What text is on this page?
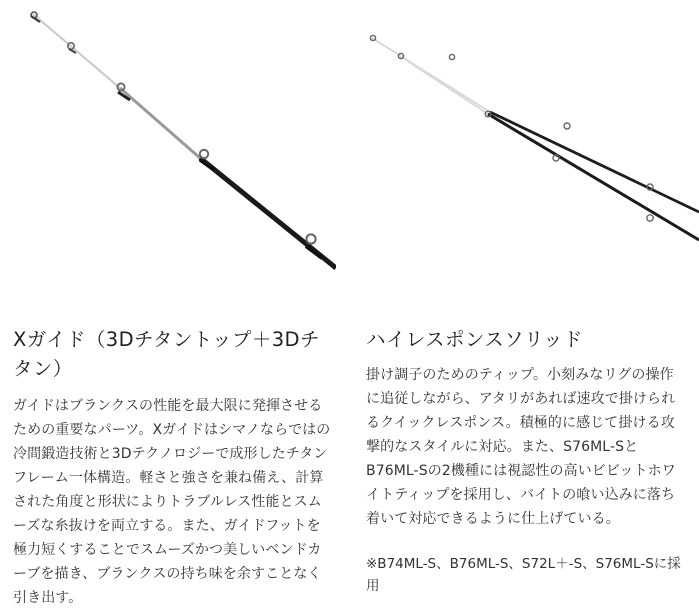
Xガイド（3Dチタントップ＋3Dチタン）

ガイドはブランクスの性能を最大限に発揮させるための重要なパーツ。Xガイドはシマノならではの冷間鍛造技術と3Dテクノロジーで成形したチタンフレーム一体構造。軽さと強さを兼ね備え、計算された角度と形状によりトラブルレス性能とスムーズな糸抜けを両立する。また、ガイドフットを極力短くすることでスムーズかつ美しいベンドカーブを描き、ブランクスの持ち味を余すことなく引き出す。

ハイレスポンスソリッド

掛け調子のためのティップ。小刻みなリグの操作に追従しながら、アタリがあれば速攻で掛けられるクイックレスポンス。積極的に感じて掛ける攻撃的なスタイルに対応。また、S76ML-SとB76ML-Sの2機種には視認性の高いビビットホワイトティップを採用し、バイトの喰い込みに落ち着いて対応できるように仕上げている。

※B74ML-S、B76ML-S、S72L＋-S、S76ML-Sに採用
